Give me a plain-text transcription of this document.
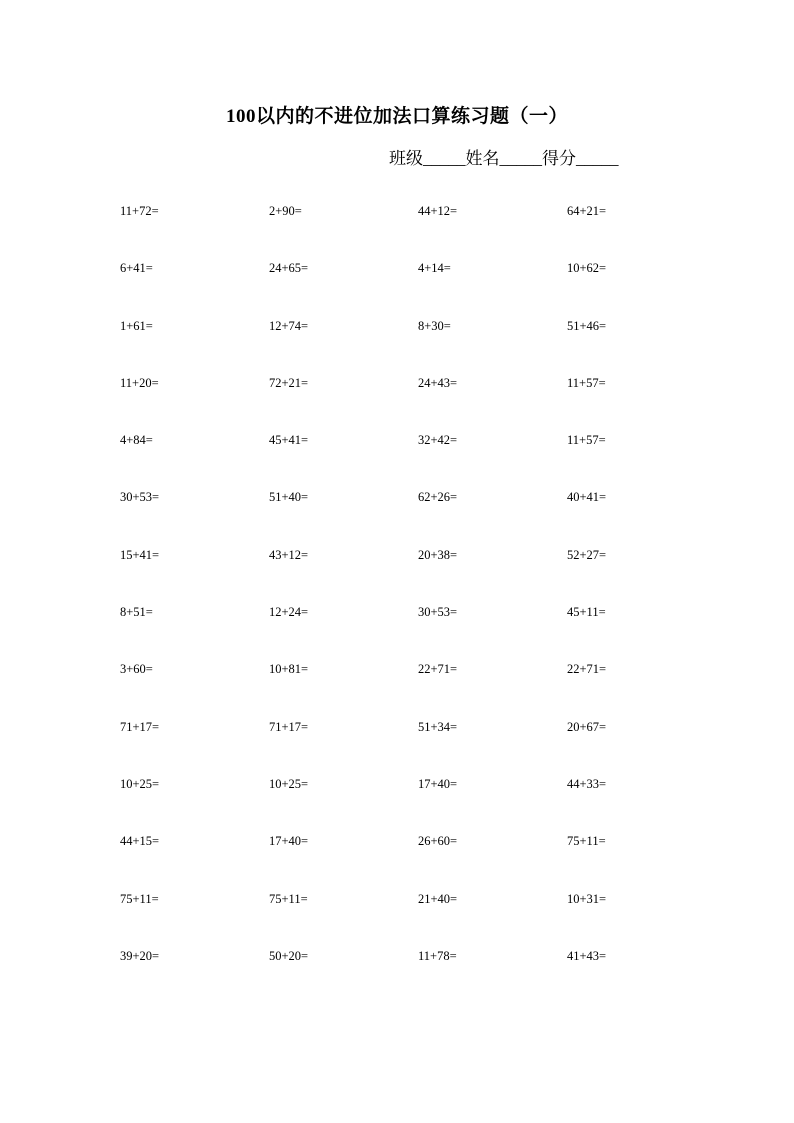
100以内的不进位加法口算练习题（一）
班级_____姓名_____得分_____
11+72=	2+90=	44+12=	64+21=
6+41=	24+65=	4+14=	10+62=
1+61=	12+74=	8+30=	51+46=
11+20=	72+21=	24+43=	11+57=
4+84=	45+41=	32+42=	11+57=
30+53=	51+40=	62+26=	40+41=
15+41=	43+12=	20+38=	52+27=
8+51=	12+24=	30+53=	45+11=
3+60=	10+81=	22+71=	22+71=
71+17=	71+17=	51+34=	20+67=
10+25=	10+25=	17+40=	44+33=
44+15=	17+40=	26+60=	75+11=
75+11=	75+11=	21+40=	10+31=
39+20=	50+20=	11+78=	41+43=
